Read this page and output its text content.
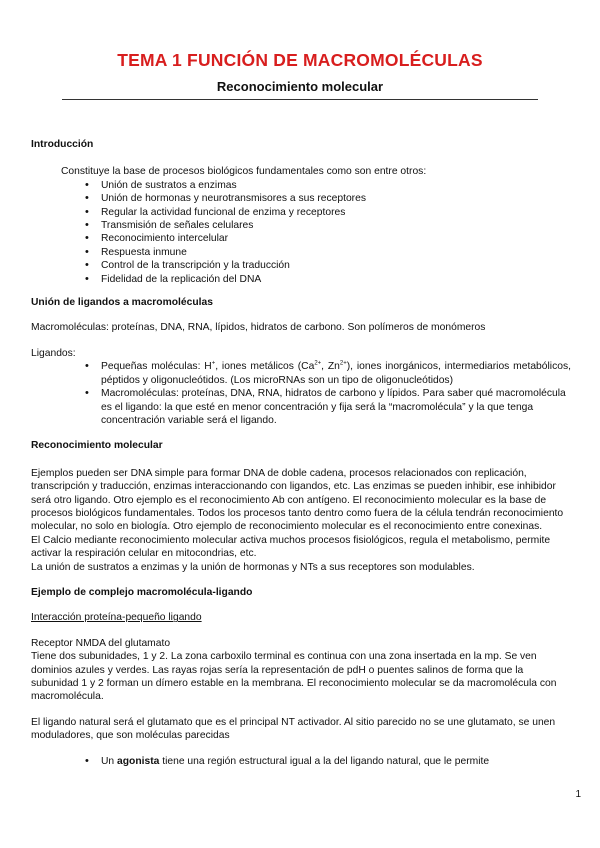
TEMA 1 FUNCIÓN DE MACROMOLÉCULAS
Reconocimiento molecular

Introducción

Constituye la base de procesos biológicos fundamentales como son entre otros:

• Unión de sustratos a enzimas
• Unión de hormonas y neurotransmisores a sus receptores
• Regular la actividad funcional de enzima y receptores
• Transmisión de señales celulares
• Reconocimiento intercelular
• Respuesta inmune
• Control de la transcripción y la traducción
• Fidelidad de la replicación del DNA

Unión de ligandos a macromoléculas

Macromoléculas: proteínas, DNA, RNA, lípidos, hidratos de carbono. Son polímeros de monómeros

Ligandos:

• Pequeñas moléculas: H+, iones metálicos ($Ca^{2+}$, $Zn^{2+}$), iones inorgánicos, intermediarios metabólicos, péptidos y oligonucleótidos. (Los microRNAs son un tipo de oligonucleótidos)
• Macromoléculas: proteínas, DNA, RNA, hidratos de carbono y lípidos. Para saber qué macromolécula es el ligando: la que esté en menor concentración y fija será la “macromolécula” y la que tenga concentración variable será el ligando.

Reconocimiento molecular

Ejemplos pueden ser DNA simple para formar DNA de doble cadena, procesos relacionados con replicación, transcripción y traducción, enzimas interaccionando con ligandos, etc. Las enzimas se pueden inhibir, ese inhibidor será otro ligando. Otro ejemplo es el reconocimiento Ab con antígeno. El reconocimiento molecular es la base de procesos biológicos fundamentales. Todos los procesos tanto dentro como fuera de la célula tendrán reconocimiento molecular, no solo en biología. Otro ejemplo de reconocimiento molecular es el reconocimiento entre conexinas.

El Calcio mediante reconocimiento molecular activa muchos procesos fisiológicos, regula el metabolismo, permite activar la respiración celular en mitocondrias, etc.

La unión de sustratos a enzimas y la unión de hormonas y NTs a sus receptores son modulables.

Ejemplo de complejo macromolécula-ligando

Interacción proteína-pequeño ligando

Receptor NMDA del glutamato

Tiene dos subunidades, 1 y 2. La zona carboxilo terminal es continua con una zona insertada en la mp. Se ven dominios azules y verdes. Las rayas rojas sería la representación de pdH o puentes salinos de forma que la subunidad 1 y 2 forman un dímero estable en la membrana. El reconocimiento molecular se da macromolécula con macromolécula.

El ligando natural será el glutamato que es el principal NT activador. Al sitio parecido no se une glutamato, se unen moduladores, que son moléculas parecidas

• Un agonista tiene una región estructural igual a la del ligando natural, que le permite
1
